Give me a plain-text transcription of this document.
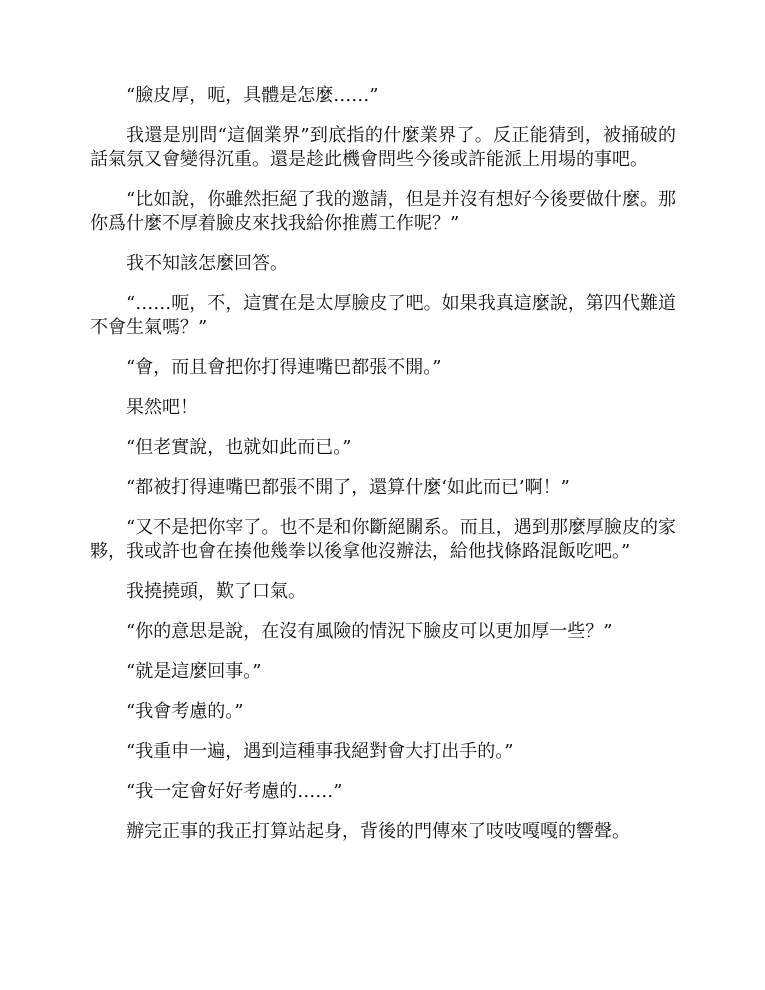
“臉皮厚，呃，具體是怎麼……”

我還是別問“這個業界”到底指的什麼業界了。反正能猜到，被捅破的話氣氛又會變得沉重。還是趁此機會問些今後或許能派上用場的事吧。

“比如說，你雖然拒絕了我的邀請，但是并沒有想好今後要做什麼。那你爲什麼不厚着臉皮來找我給你推薦工作呢？”

我不知該怎麼回答。

“……呃，不，這實在是太厚臉皮了吧。如果我真這麼說，第四代難道不會生氣嗎？”

“會，而且會把你打得連嘴巴都張不開。”

果然吧！

“但老實說，也就如此而已。”

“都被打得連嘴巴都張不開了，還算什麼‘如此而已’啊！”

“又不是把你宰了。也不是和你斷絕關系。而且，遇到那麼厚臉皮的家夥，我或許也會在揍他幾拳以後拿他沒辦法，給他找條路混飯吃吧。”

我撓撓頭，歎了口氣。

“你的意思是說，在沒有風險的情況下臉皮可以更加厚一些？”

“就是這麼回事。”

“我會考慮的。”

“我重申一遍，遇到這種事我絕對會大打出手的。”

“我一定會好好考慮的……”

辦完正事的我正打算站起身，背後的門傳來了吱吱嘎嘎的響聲。
